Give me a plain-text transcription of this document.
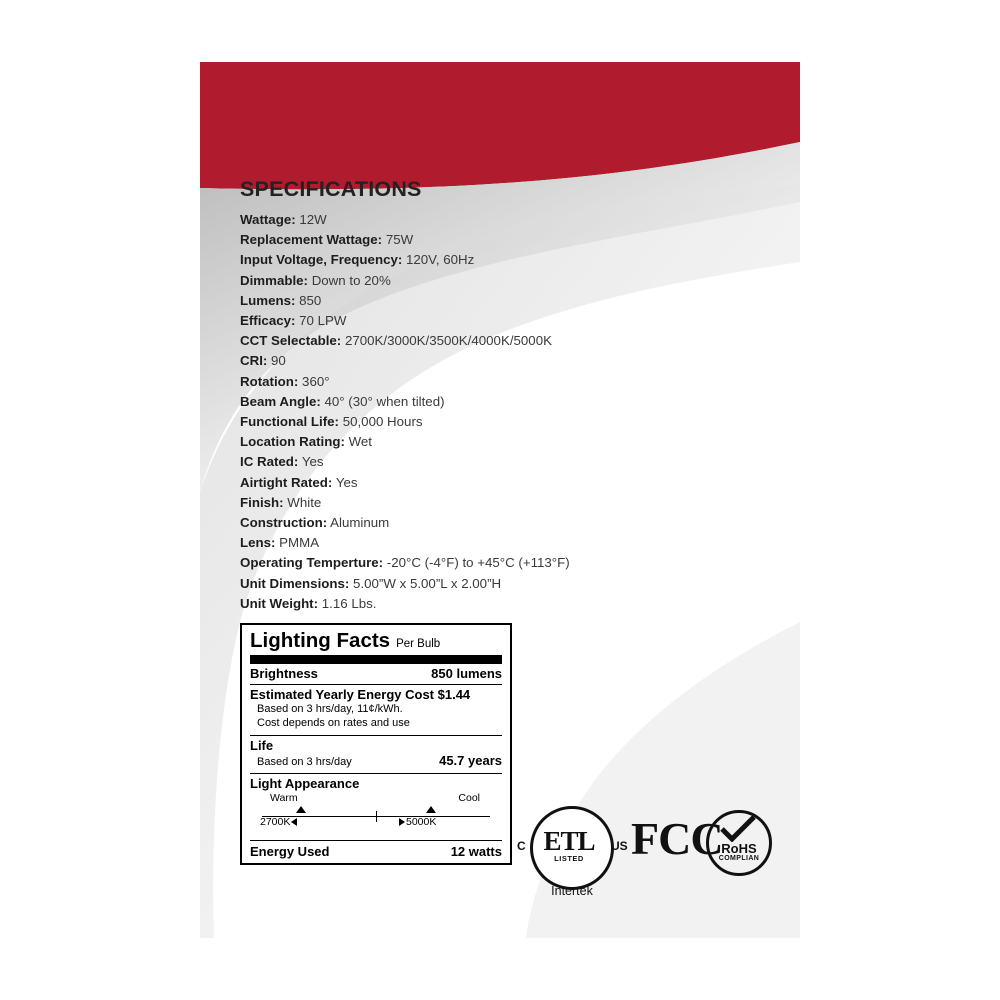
SPECIFICATIONS
Wattage: 12W
Replacement Wattage: 75W
Input Voltage, Frequency: 120V, 60Hz
Dimmable: Down to 20%
Lumens: 850
Efficacy: 70 LPW
CCT Selectable: 2700K/3000K/3500K/4000K/5000K
CRI: 90
Rotation: 360°
Beam Angle: 40° (30° when tilted)
Functional Life: 50,000 Hours
Location Rating: Wet
IC Rated: Yes
Airtight Rated: Yes
Finish: White
Construction: Aluminum
Lens: PMMA
Operating Temperture: -20°C (-4°F) to +45°C (+113°F)
Unit Dimensions: 5.00”W x 5.00”L x 2.00”H
Unit Weight: 1.16 Lbs.
Lighting Facts Per Bulb
Brightness	850 lumens
Estimated Yearly Energy Cost $1.44
Based on 3 hrs/day, 11¢/kWh.
Cost depends on rates and use
Life
Based on 3 hrs/day	45.7 years
Light Appearance
Warm	Cool
2700K	5000K
Energy Used	12 watts	ETL
LISTED
C	US
Intertek
FCC
RoHS
COMPLIAN
